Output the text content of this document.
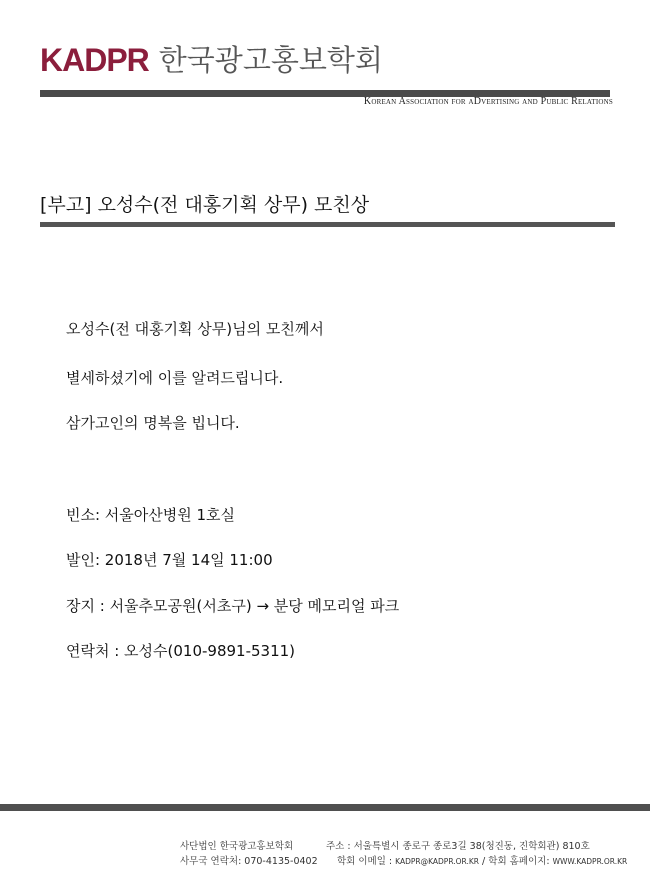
KADPR 한국광고홍보학회
Korean Association for aDvertising and Public Relations
[부고] 오성수(전 대홍기획 상무) 모친상
오성수(전 대홍기획 상무)님의 모친께서
별세하셨기에 이를 알려드립니다.
삼가고인의 명복을 빕니다.
빈소: 서울아산병원 1호실
발인: 2018년 7월 14일 11:00
장지 : 서울추모공원(서초구) → 분당 메모리얼 파크
연락처 : 오성수(010-9891-5311)
사단법인 한국광고홍보학회	주소 : 서울특별시 종로구 종로3길 38(청진동, 진학회관) 810호
사무국 연락처: 070-4135-0402 학회 이메일 : KADPR@KADPR.OR.KR / 학회 홈페이지: WWW.KADPR.OR.KR
